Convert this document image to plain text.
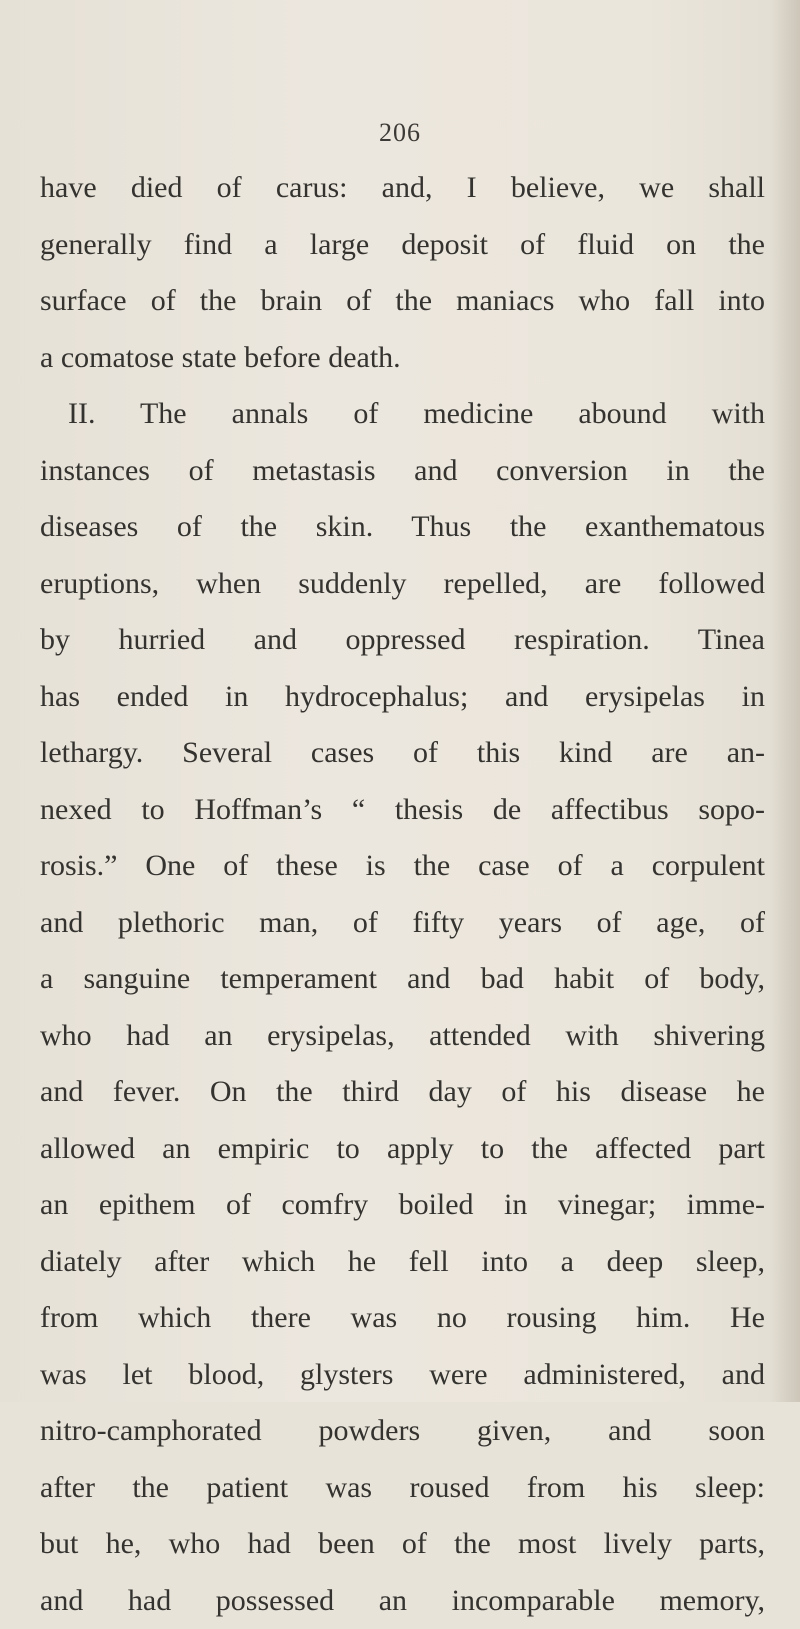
206
have died of carus: and, I believe, we shall
generally find a large deposit of fluid on the
surface of the brain of the maniacs who fall into
a comatose state before death.
II. The annals of medicine abound with
instances of metastasis and conversion in the
diseases of the skin. Thus the exanthematous
eruptions, when suddenly repelled, are followed
by hurried and oppressed respiration. Tinea
has ended in hydrocephalus; and erysipelas in
lethargy. Several cases of this kind are an-
nexed to Hoffman’s “ thesis de affectibus sopo-
rosis.” One of these is the case of a corpulent
and plethoric man, of fifty years of age, of
a sanguine temperament and bad habit of body,
who had an erysipelas, attended with shivering
and fever. On the third day of his disease he
allowed an empiric to apply to the affected part
an epithem of comfry boiled in vinegar; imme-
diately after which he fell into a deep sleep,
from which there was no rousing him. He
was let blood, glysters were administered, and
nitro-camphorated powders given, and soon
after the patient was roused from his sleep:
but he, who had been of the most lively parts,
and had possessed an incomparable memory,
